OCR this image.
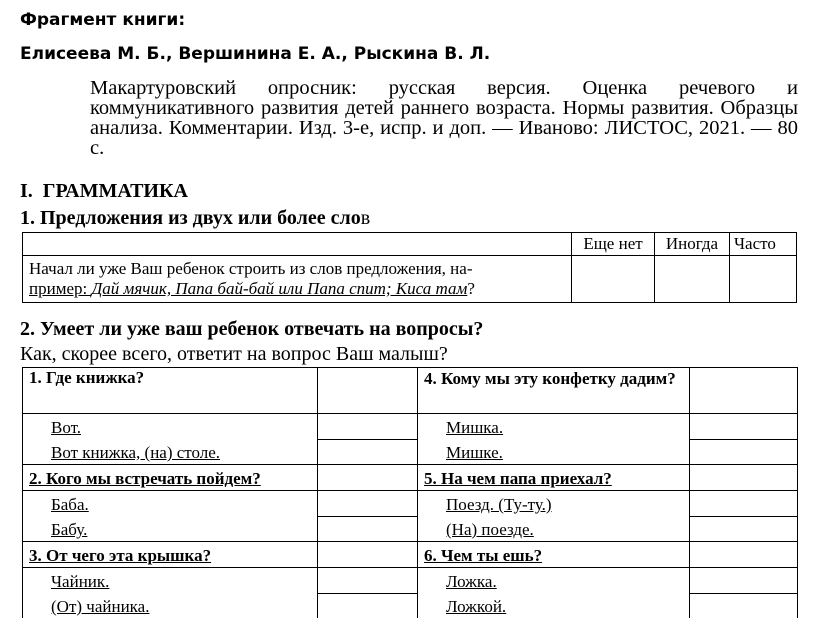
Фрагмент книги:
Елисеева М. Б., Вершинина Е. А., Рыскина В. Л.
Макартуровский опросник: русская версия. Оценка речевого и коммуникативного развития детей раннего возраста. Нормы развития. Образцы анализа. Комментарии. Изд. 3-е, испр. и доп. — Иваново: ЛИСТОС, 2021. — 80 с.
I. ГРАММАТИКА
1. Предложения из двух или более слов
	Еще нет	Иногда	Часто
Начал ли уже Ваш ребенок строить из слов предложения, на-
пример: Дай мячик, Папа бай-бай или Папа спит; Киса там?			
2. Умеет ли уже ваш ребенок отвечать на вопросы?
Как, скорее всего, ответит на вопрос Ваш малыш?
1. Где книжка?		4. Кому мы эту конфетку дадим?	
Вот.		Мишка.	
Вот книжка, (на) столе.		Мишке.	
2. Кого мы встречать пойдем?		5. На чем папа приехал?	
Баба.		Поезд. (Ту-ту.)	
Бабу.		(На) поезде.	
3. От чего эта крышка?		6. Чем ты ешь?	
Чайник.		Ложка.	
(От) чайника.		Ложкой.	
